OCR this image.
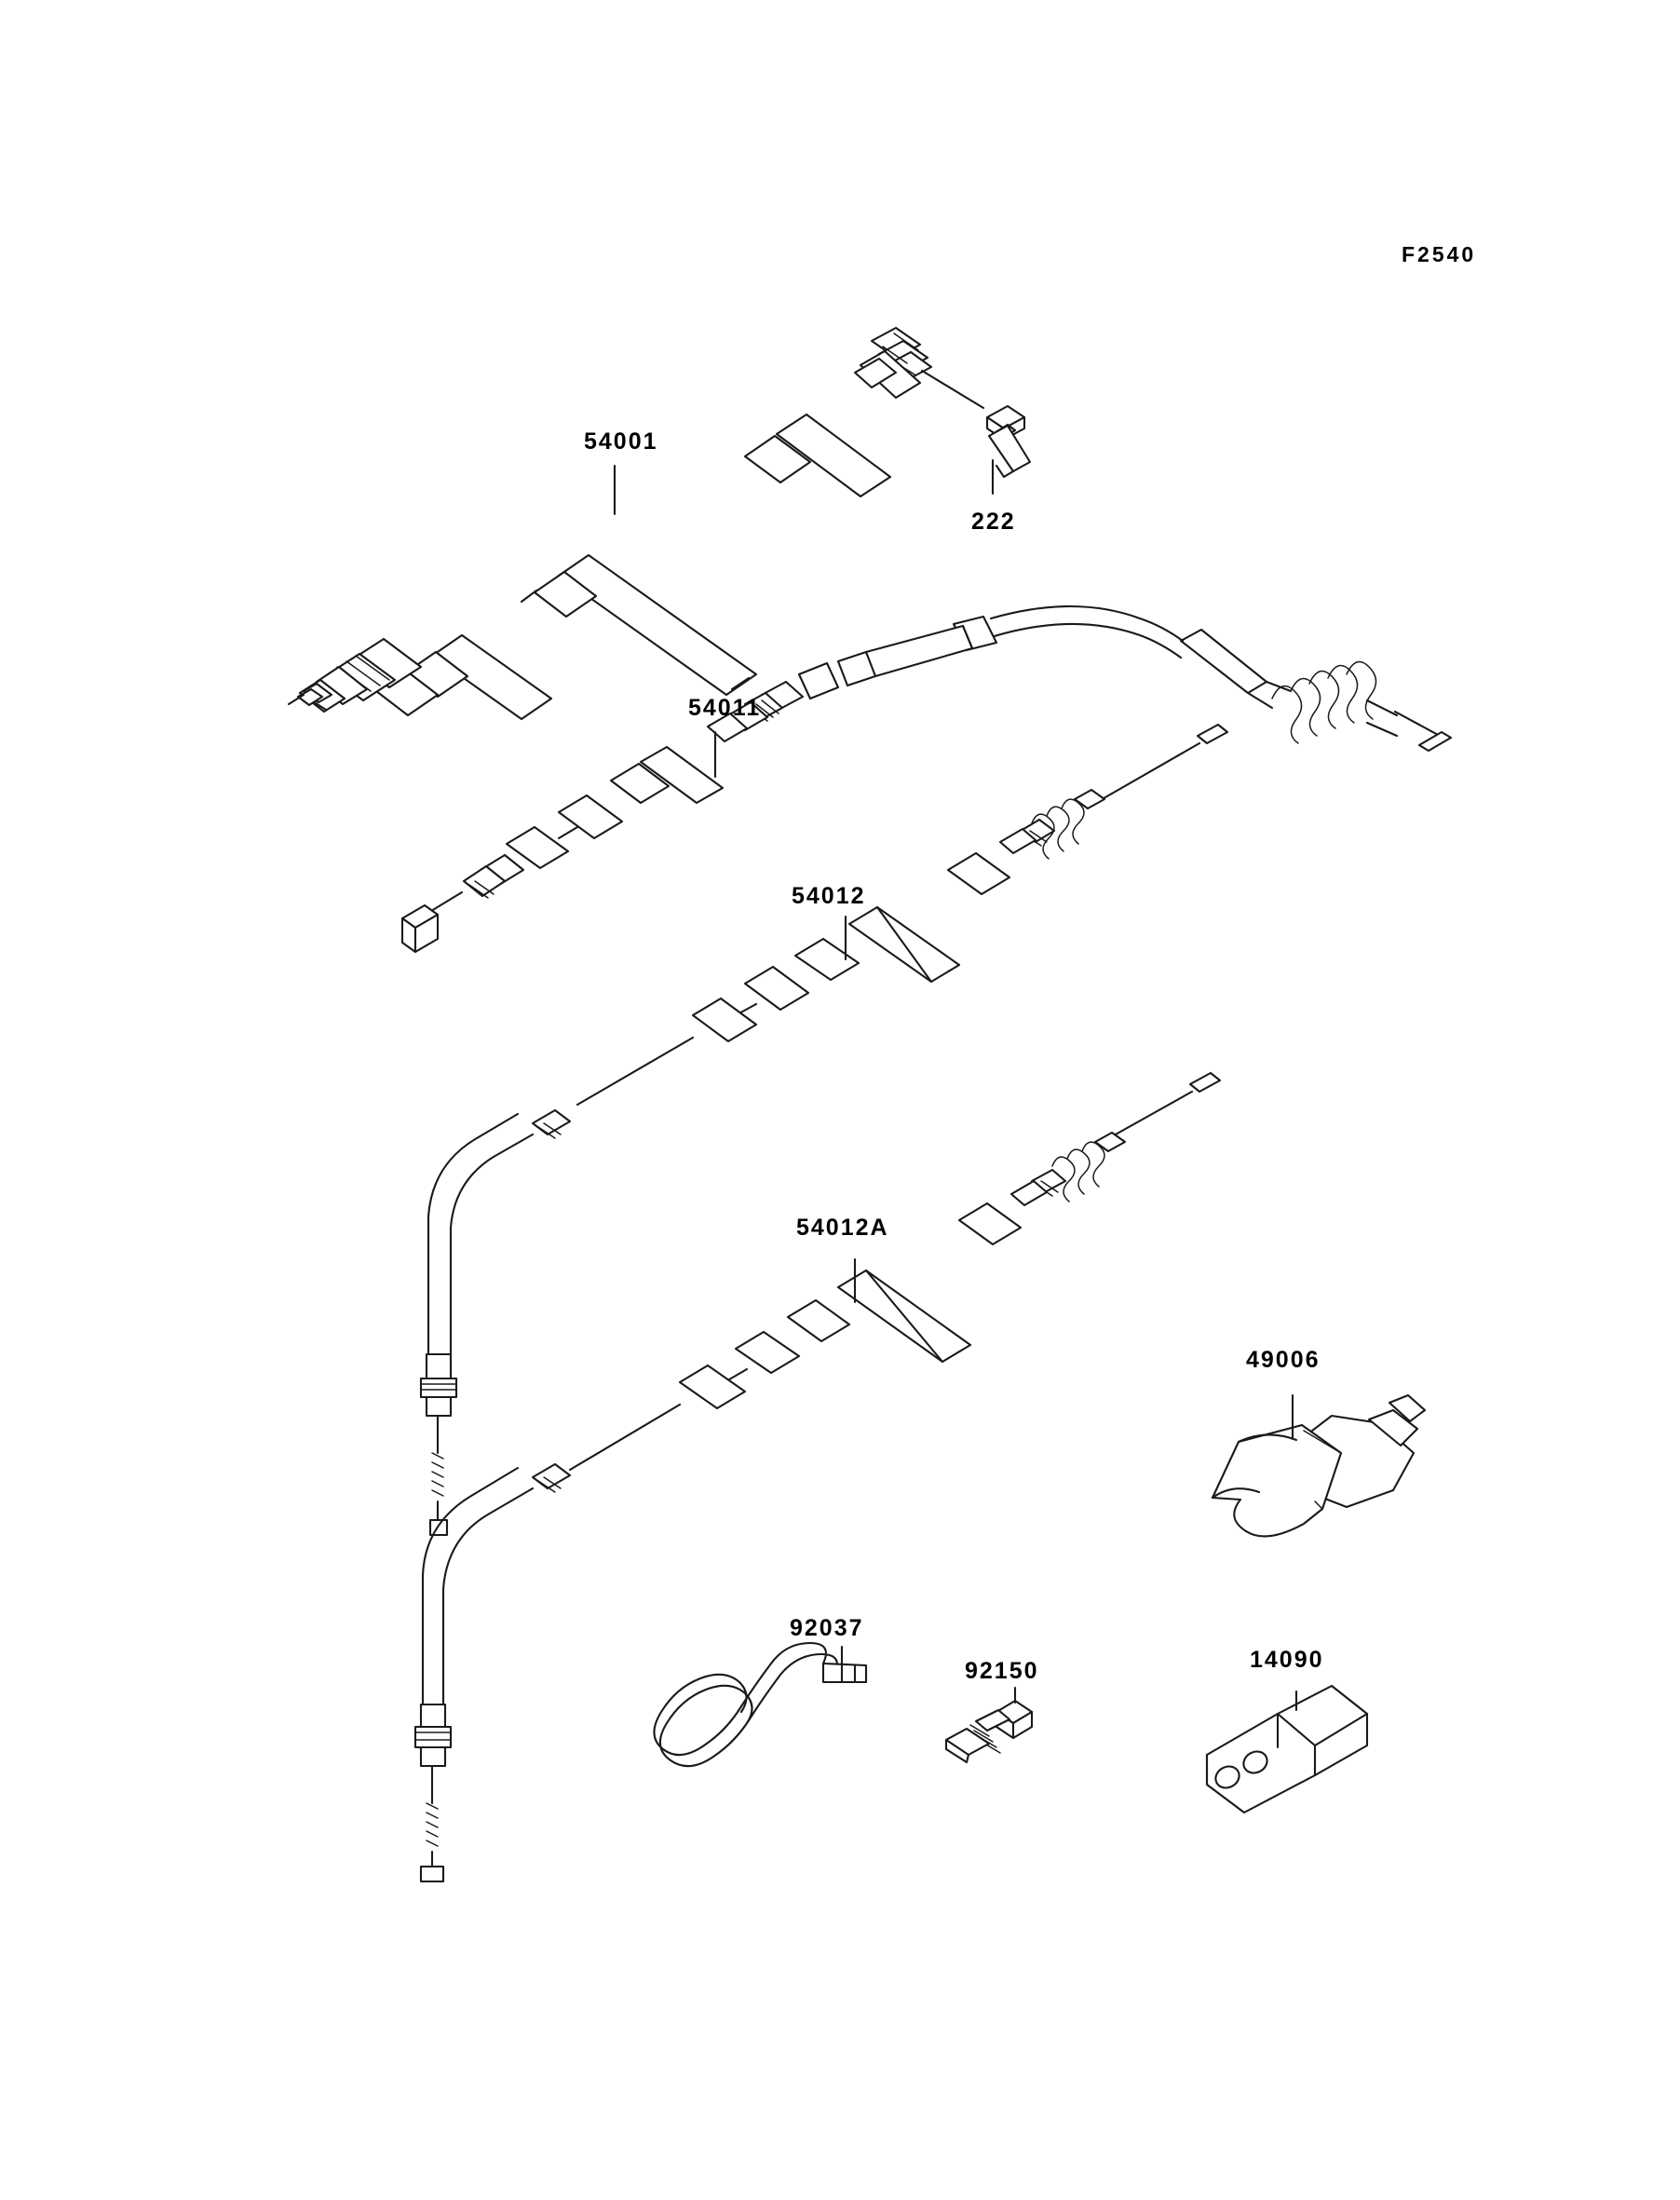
F2540
54001
222
54011
54012
54012A
49006
92037
92150	14090
